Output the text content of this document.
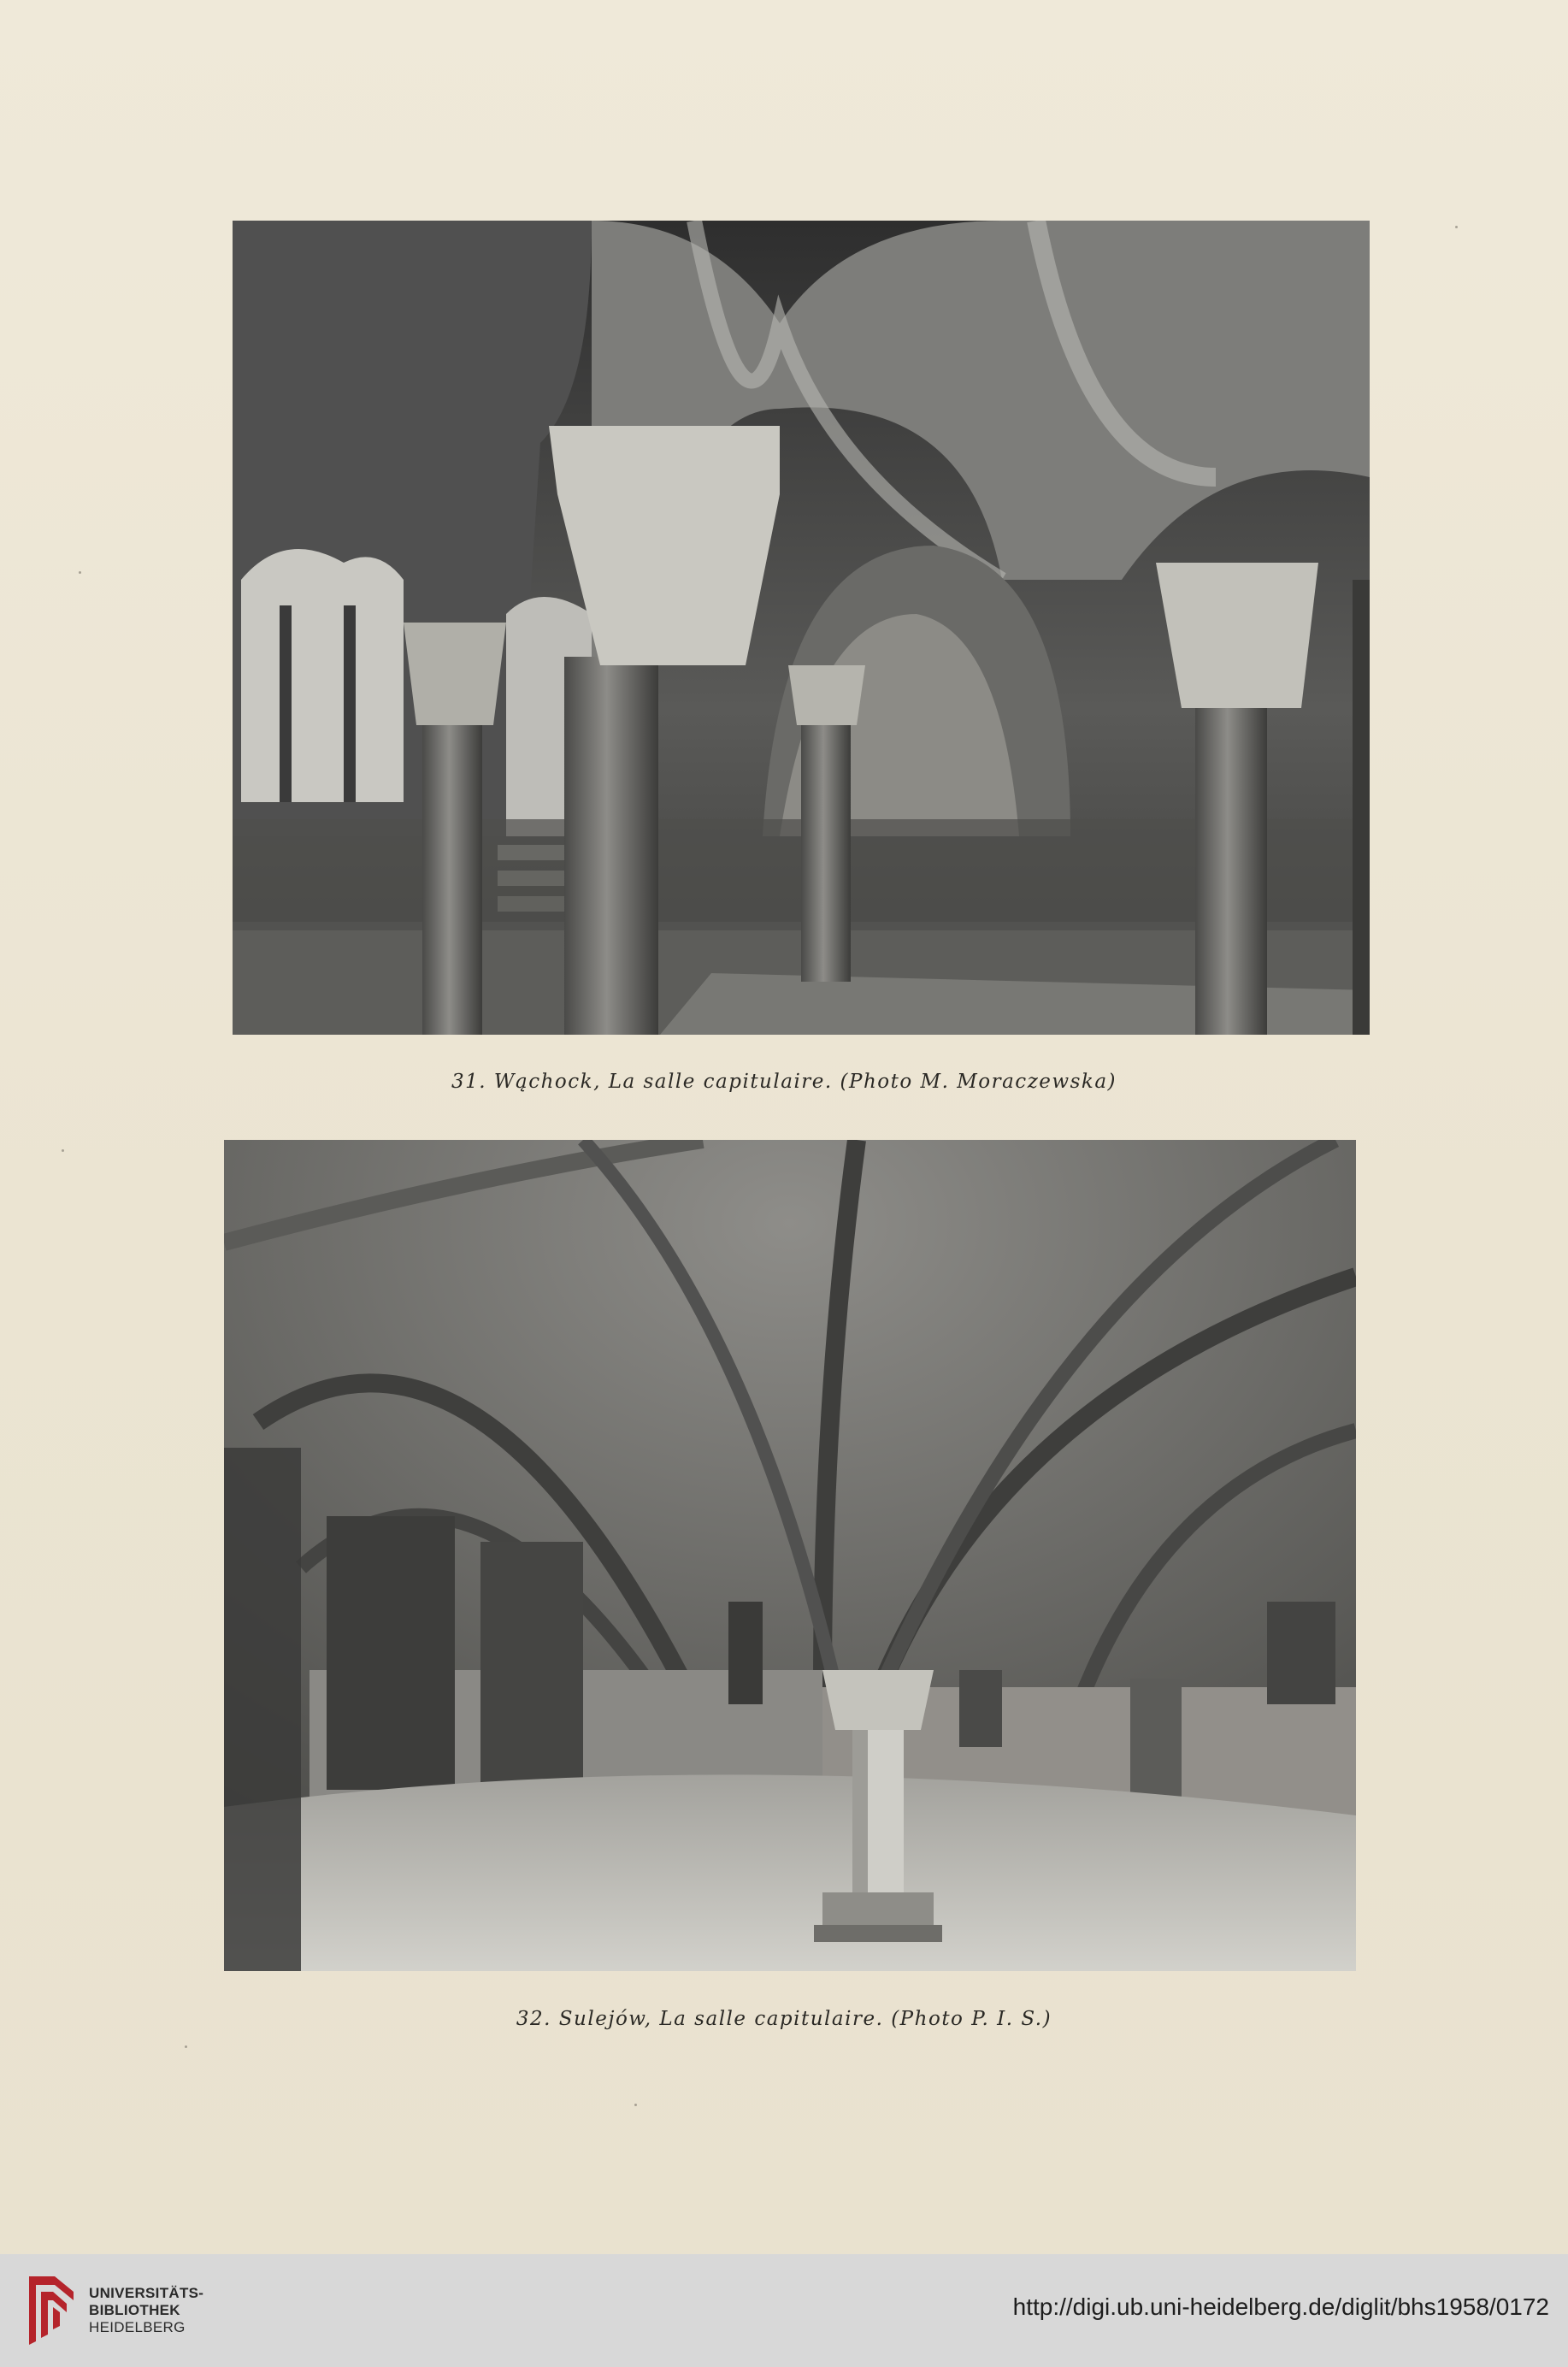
31. Wąchock, La salle capitulaire. (Photo M. Moraczewska)
32. Sulejów, La salle capitulaire. (Photo P. I. S.)
UNIVERSITÄTS-
BIBLIOTHEK
HEIDELBERG
http://digi.ub.uni-heidelberg.de/diglit/bhs1958/0172
